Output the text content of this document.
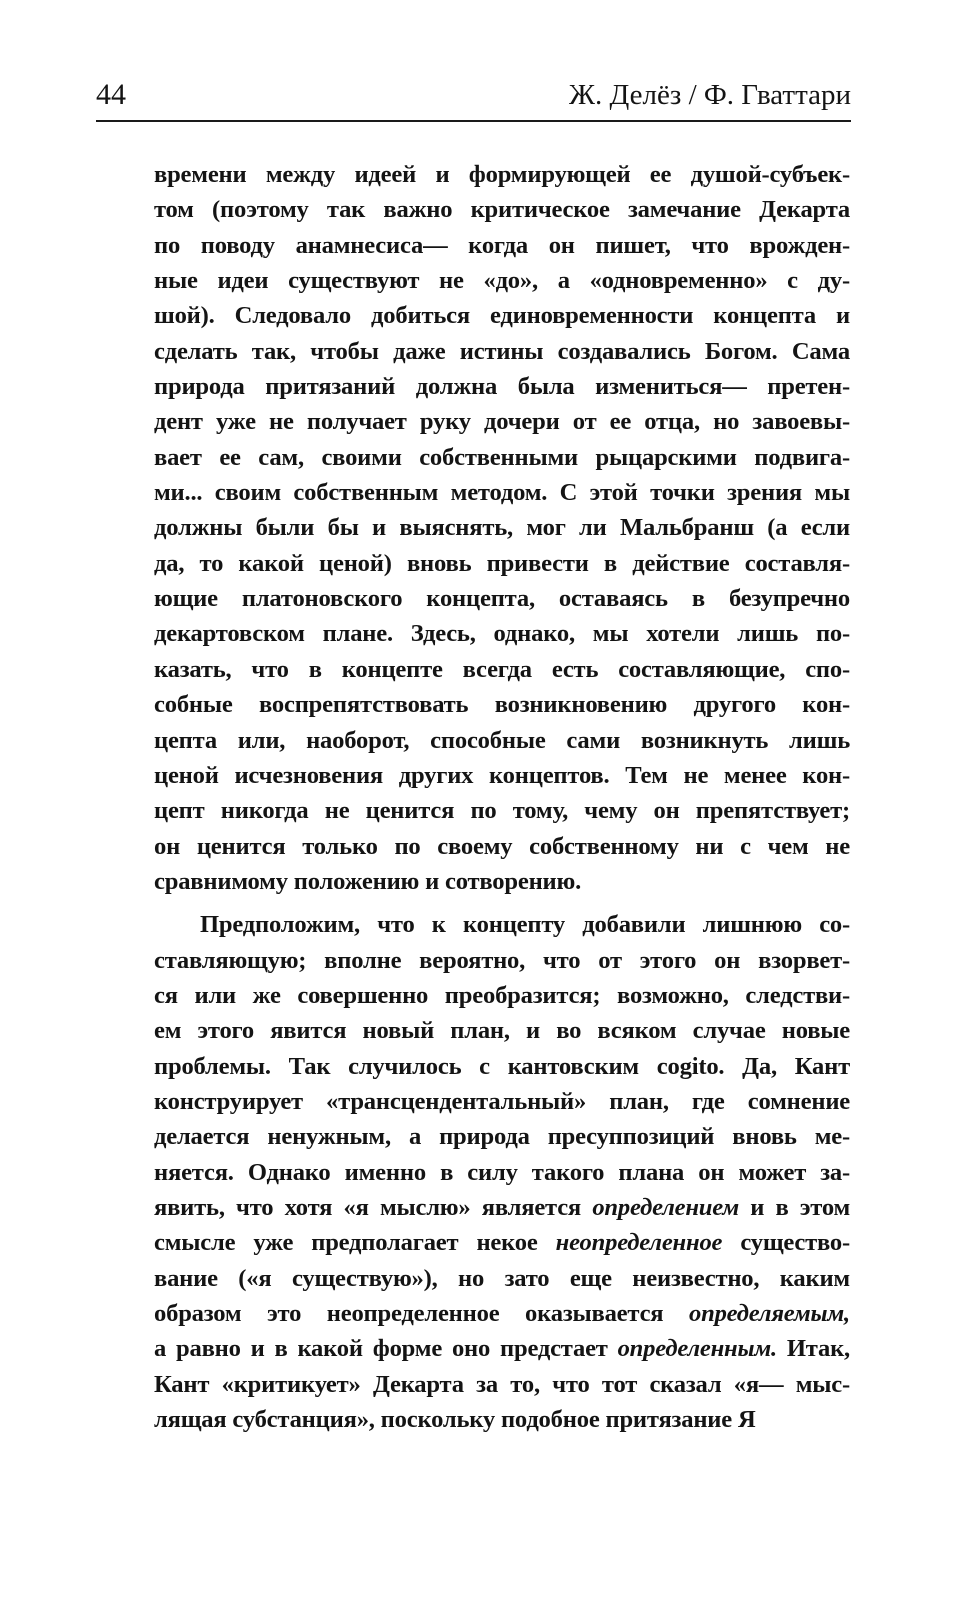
44	Ж. Делёз / Ф. Гваттари
времени между идеей и формирующей ее душой-субъек-
том (поэтому так важно критическое замечание Декарта
по поводу анамнесиса— когда он пишет, что врожден-
ные идеи существуют не «до», а «одновременно» с ду-
шой). Следовало добиться единовременности концепта и
сделать так, чтобы даже истины создавались Богом. Сама
природа притязаний должна была измениться— претен-
дент уже не получает руку дочери от ее отца, но завоевы-
вает ее сам, своими собственными рыцарскими подвига-
ми... своим собственным методом. С этой точки зрения мы
должны были бы и выяснять, мог ли Мальбранш (а если
да, то какой ценой) вновь привести в действие составля-
ющие платоновского концепта, оставаясь в безупречно
декартовском плане. Здесь, однако, мы хотели лишь по-
казать, что в концепте всегда есть составляющие, спо-
собные воспрепятствовать возникновению другого кон-
цепта или, наоборот, способные сами возникнуть лишь
ценой исчезновения других концептов. Тем не менее кон-
цепт никогда не ценится по тому, чему он препятствует;
он ценится только по своему собственному ни с чем не
сравнимому положению и сотворению.
Предположим, что к концепту добавили лишнюю со-
ставляющую; вполне вероятно, что от этого он взорвет-
ся или же совершенно преобразится; возможно, следстви-
ем этого явится новый план, и во всяком случае новые
проблемы. Так случилось с кантовским cogito. Да, Кант
конструирует «трансцендентальный» план, где сомнение
делается ненужным, а природа пресуппозиций вновь ме-
няется. Однако именно в силу такого плана он может за-
явить, что хотя «я мыслю» является определением и в этом
смысле уже предполагает некое неопределенное существо-
вание («я существую»), но зато еще неизвестно, каким
образом это неопределенное оказывается определяемым,
а равно и в какой форме оно предстает определенным. Итак,
Кант «критикует» Декарта за то, что тот сказал «я— мыс-
лящая субстанция», поскольку подобное притязание Я
